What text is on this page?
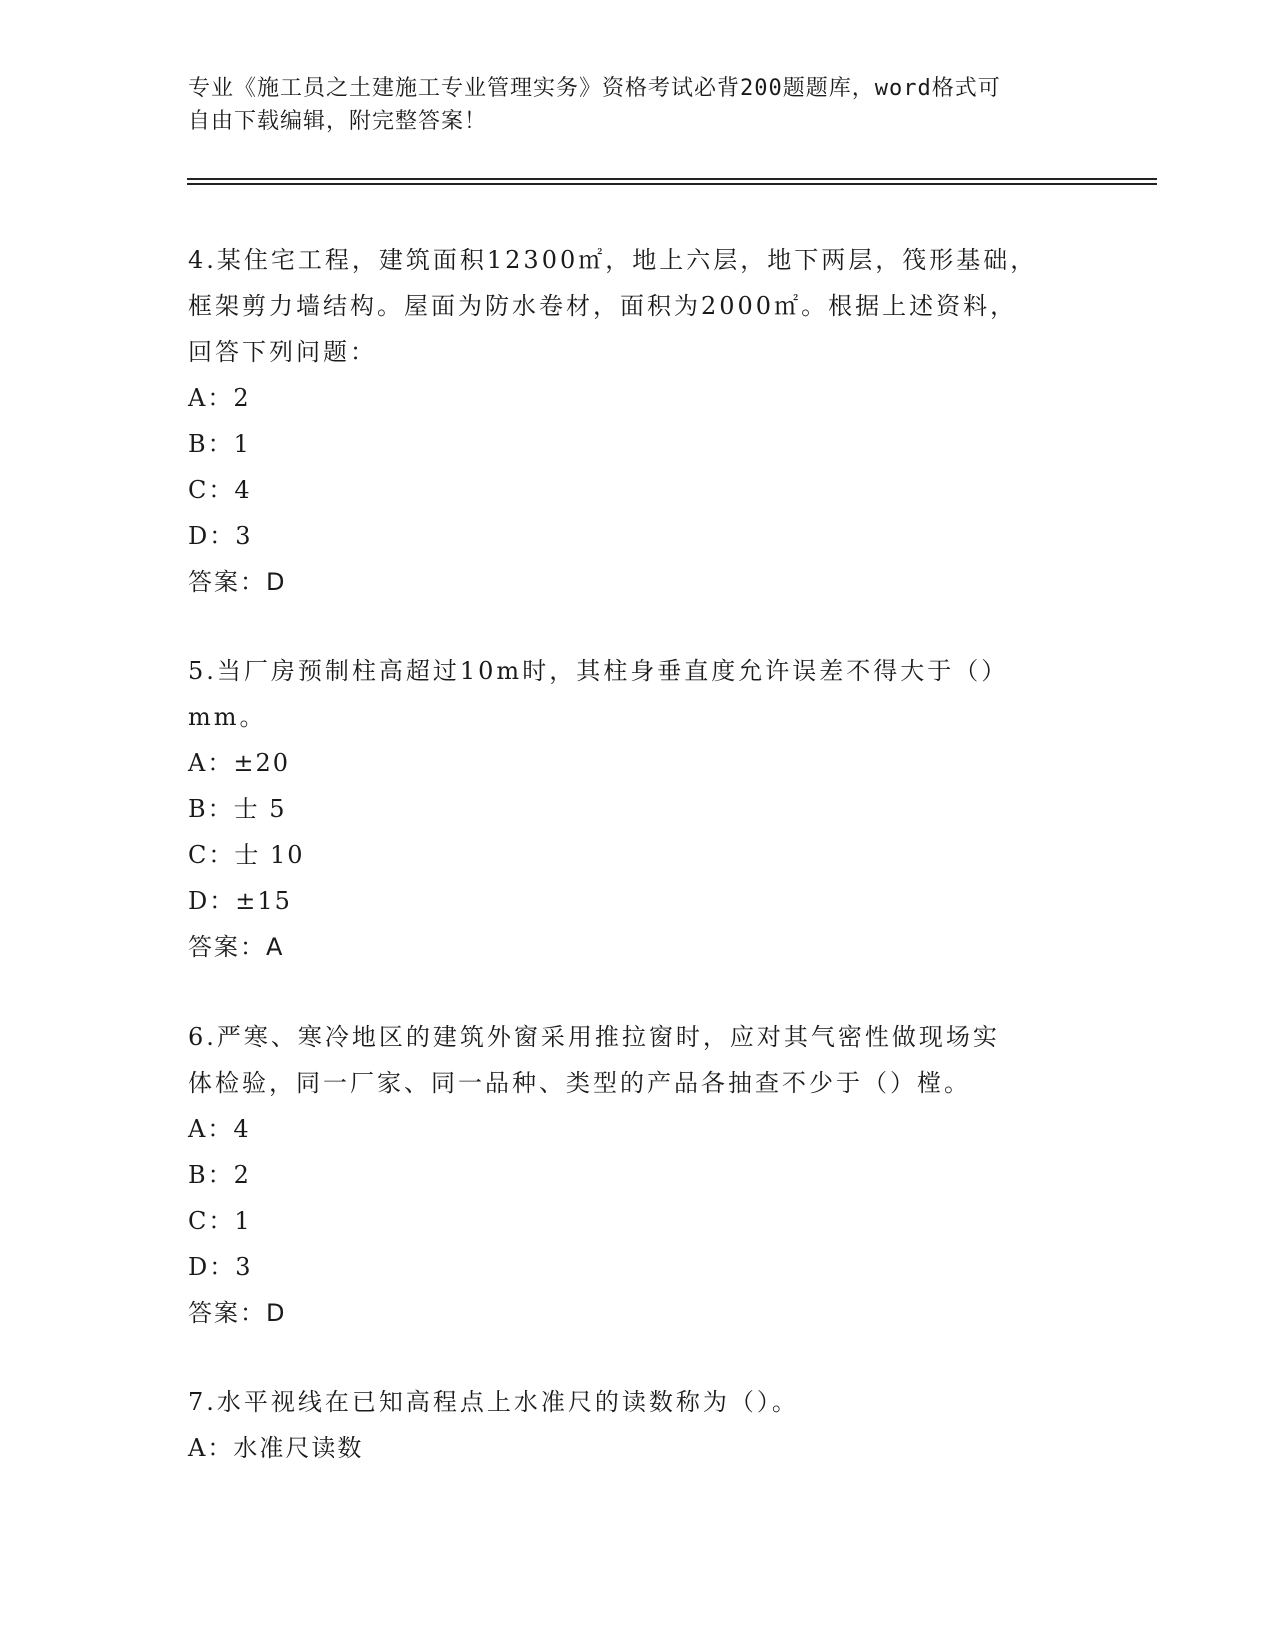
专业《施工员之土建施工专业管理实务》资格考试必背200题题库，word格式可
自由下载编辑，附完整答案！

4.某住宅工程，建筑面积12300㎡，地上六层，地下两层，筏形基础，

框架剪力墙结构。屋面为防水卷材，面积为2000㎡。根据上述资料，

回答下列问题：

A：2

B：1

C：4

D：3

答案：D

5.当厂房预制柱高超过10m时，其柱身垂直度允许误差不得大于（）

mm。

A：±20

B：士 5

C：士 10

D：±15

答案：A

6.严寒、寒冷地区的建筑外窗采用推拉窗时，应对其气密性做现场实

体检验，同一厂家、同一品种、类型的产品各抽查不少于（）樘。

A：4

B：2

C：1

D：3

答案：D

7.水平视线在已知高程点上水准尺的读数称为（）。

A：水准尺读数
